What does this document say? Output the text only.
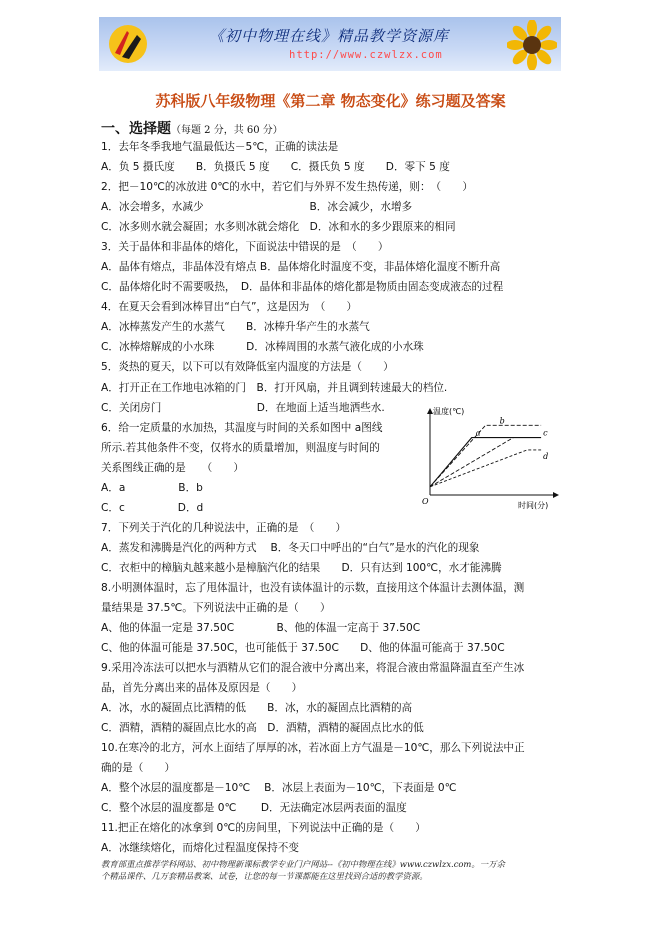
《初中物理在线》精品教学资源库
http://www.czwlzx.com
苏科版八年级物理《第二章 物态变化》练习题及答案
一、选择题（每题 2 分，共 60 分）
1．去年冬季我地气温最低达－5℃，正确的读法是
A．负 5 摄氏度　　B．负摄氏 5 度　　C．摄氏负 5 度　　D．零下 5 度
2．把－10℃的冰放进 0℃的水中，若它们与外界不发生热传递，则：　（　　）
A．冰会增多，水减少　　　　　　　　　　B．冰会减少，水增多
C．冰多则水就会凝固；水多则冰就会熔化　D．冰和水的多少跟原来的相同
3．关于晶体和非晶体的熔化，下面说法中错误的是　（　　）
A．晶体有熔点，非晶体没有熔点 B．晶体熔化时温度不变，非晶体熔化温度不断升高
C．晶体熔化时不需要吸热，　D．晶体和非晶体的熔化都是物质由固态变成液态的过程
4．在夏天会看到冰棒冒出“白气”，这是因为　（　　）
A．冰棒蒸发产生的水蒸气　　B．冰棒升华产生的水蒸气
C．冰棒熔解成的小水珠　　　D．冰棒周围的水蒸气液化成的小水珠
5．炎热的夏天，以下可以有效降低室内温度的方法是（　　）
A．打开正在工作地电冰箱的门　B．打开风扇，并且调到转速最大的档位.
C．关闭房门　　　　　　　　　D．在地面上适当地洒些水.
6．给一定质量的水加热，其温度与时间的关系如图中 a图线
所示.若其他条件不变，仅将水的质量增加，则温度与时间的
关系图线正确的是　　（　　）
A．a　　　　　B．b
C．c　　　　　D．d
7．下列关于汽化的几种说法中，正确的是　（　　）
A．蒸发和沸腾是汽化的两种方式　 B．冬天口中呼出的“白气”是水的汽化的现象
C．衣柜中的樟脑丸越来越小是樟脑汽化的结果　　D．只有达到 100℃，水才能沸腾
8.小明测体温时，忘了甩体温计，也没有读体温计的示数，直接用这个体温计去测体温，测
量结果是 37.5℃。下列说法中正确的是（　　）
A、他的体温一定是 37.50C　　　　B、他的体温一定高于 37.50C
C、他的体温可能是 37.50C，也可能低于 37.50C　　D、他的体温可能高于 37.50C
9.采用冷冻法可以把水与酒精从它们的混合液中分离出来，将混合液由常温降温直至产生冰
晶，首先分离出来的晶体及原因是（　　）
A．冰，水的凝固点比酒精的低　　B．冰，水的凝固点比酒精的高
C．酒精，酒精的凝固点比水的高　D．酒精，酒精的凝固点比水的低
10.在寒冷的北方，河水上面结了厚厚的冰，若冰面上方气温是－10℃，那么下列说法中正
确的是（　　）
A．整个冰层的温度都是－10℃　 B．冰层上表面为－10℃，下表面是 0℃
C．整个冰层的温度都是 0℃　　 D．无法确定冰层两表面的温度
11.把正在熔化的冰拿到 0℃的房间里，下列说法中正确的是（　　）
A．冰继续熔化，而熔化过程温度保持不变
温度(℃)
时间(分)
O
a
b
c
d
教育部重点推荐学科网站、初中物理新课标教学专业门户网站--《初中物理在线》www.czwlzx.com。一万余
个精品课件、几万套精品教案、试卷，让您的每一节课都能在这里找到合适的教学资源。
